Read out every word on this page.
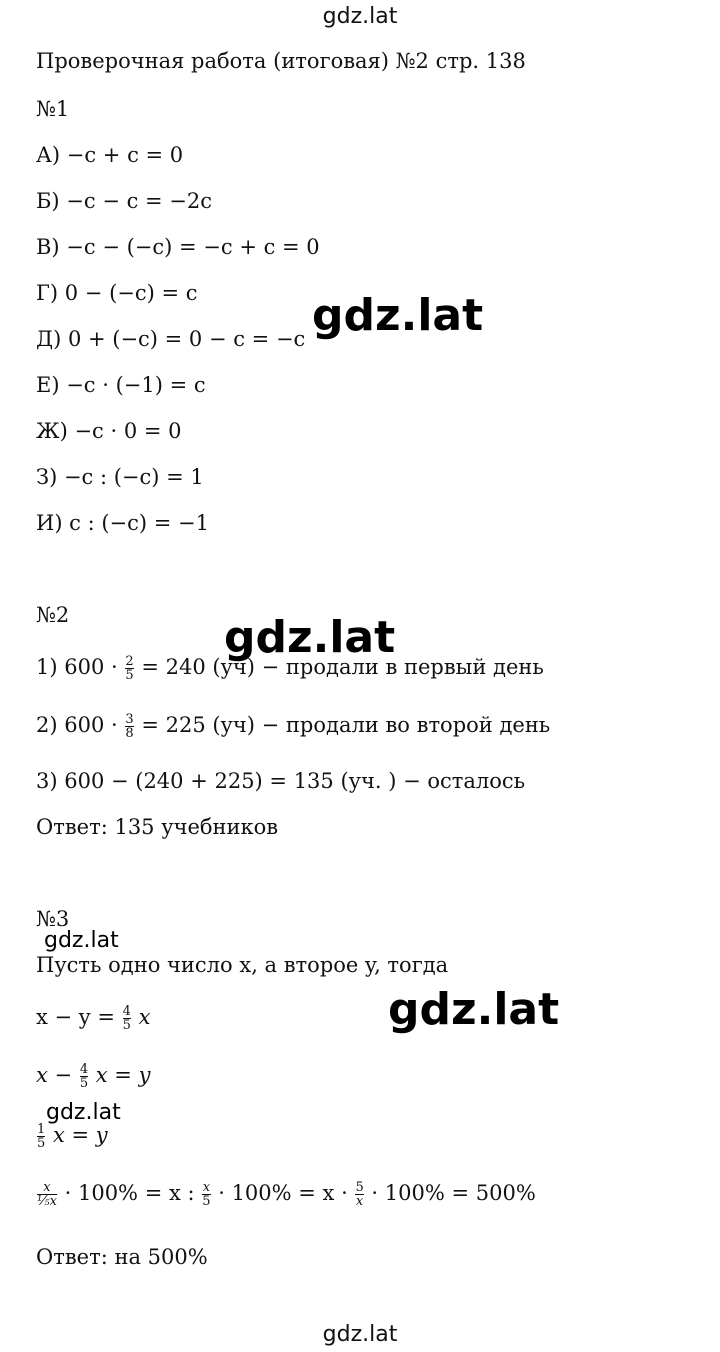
gdz.lat
Проверочная работа (итоговая) №2 стр. 138
№1
А) −c + c = 0
Б) −c − c = −2c
В) −c − (−c) = −c + c = 0
Г) 0 − (−c) = c
Д) 0 + (−c) = 0 − c = −c
Е) −c · (−1) = c
Ж) −c · 0 = 0
З) −c : (−c) = 1
И) c : (−c) = −1
№2
1) $600 \cdot \frac{2}{5} = 240$ (уч) − продали в первый день
2) $600 \cdot \frac{3}{8} = 225$ (уч) − продали во второй день
3) 600 − (240 + 225) = 135 (уч. ) − осталось
Ответ: 135 учебников
№3
Пусть одно число x, а второе y, тогда
$x - y = \frac{4}{5}$ x
$x - \frac{4}{5}$ x = y
$\frac{1}{5}$ x = y
$\frac{x}{\text{⅕x}} \cdot 100\% = x$ : $\frac{x}{5} \cdot 100\% = x \cdot \frac{5}{x} \cdot 100\% = 500\%$
Ответ: на 500%
gdz.lat
gdz.lat
gdz.lat
gdz.lat
gdz.lat
gdz.lat
